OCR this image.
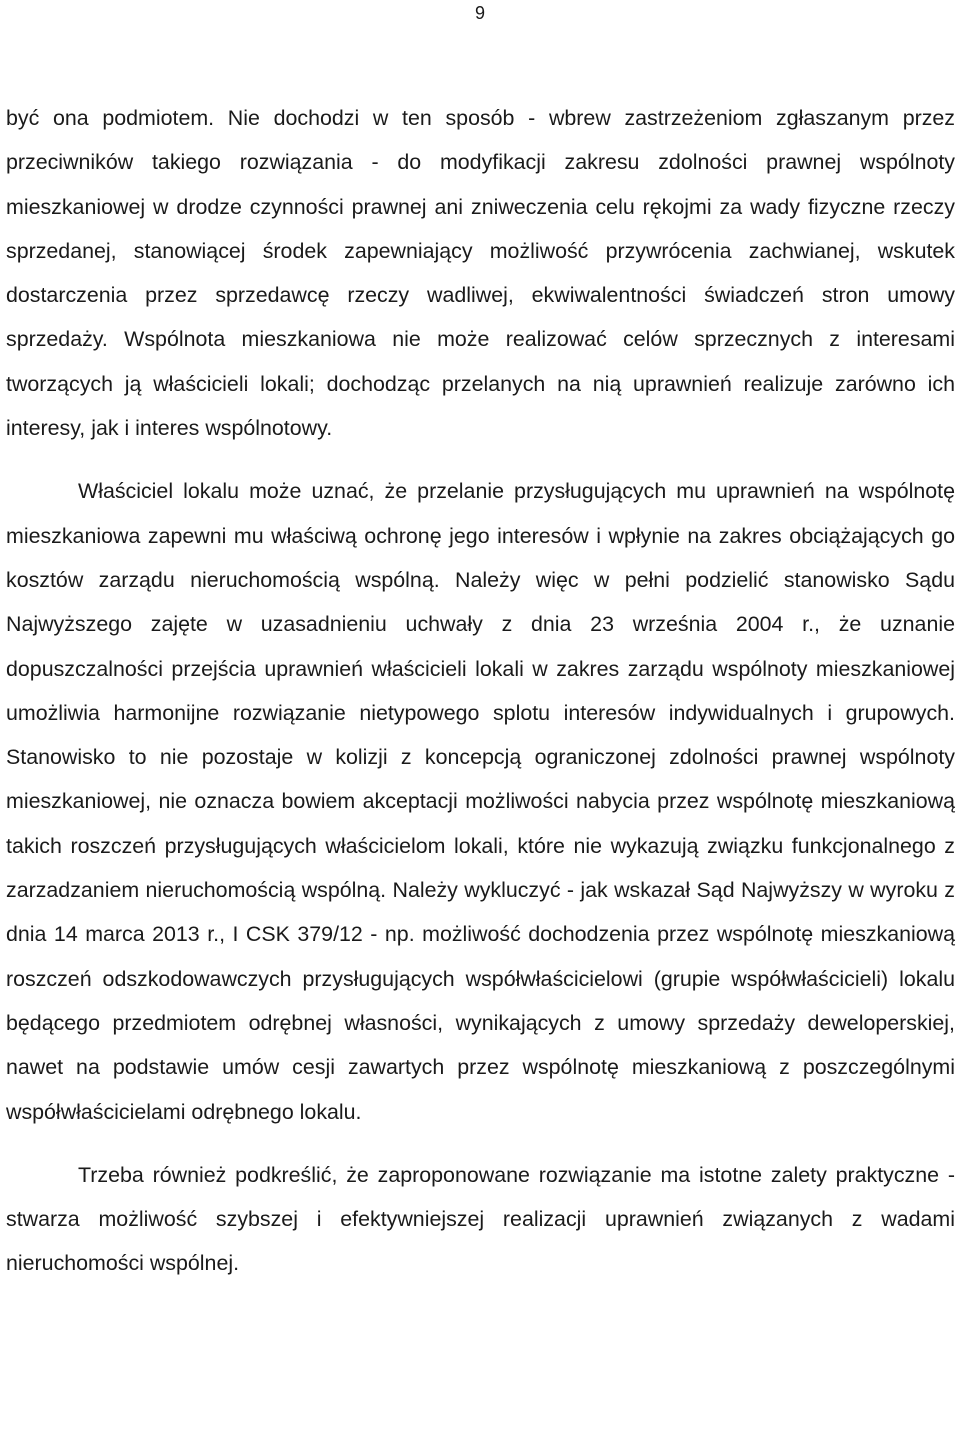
9

być ona podmiotem. Nie dochodzi w ten sposób - wbrew zastrzeżeniom zgłaszanym przez przeciwników takiego rozwiązania - do modyfikacji zakresu zdolności prawnej wspólnoty mieszkaniowej w drodze czynności prawnej ani zniweczenia celu rękojmi za wady fizyczne rzeczy sprzedanej, stanowiącej środek zapewniający możliwość przywrócenia zachwianej, wskutek dostarczenia przez sprzedawcę rzeczy wadliwej, ekwiwalentności świadczeń stron umowy sprzedaży. Wspólnota mieszkaniowa nie może realizować celów sprzecznych z interesami tworzących ją właścicieli lokali; dochodząc przelanych na nią uprawnień realizuje zarówno ich interesy, jak i interes wspólnotowy.

Właściciel lokalu może uznać, że przelanie przysługujących mu uprawnień na wspólnotę mieszkaniowa zapewni mu właściwą ochronę jego interesów i wpłynie na zakres obciążających go kosztów zarządu nieruchomością wspólną. Należy więc w pełni podzielić stanowisko Sądu Najwyższego zajęte w uzasadnieniu uchwały z dnia 23 września 2004 r., że uznanie dopuszczalności przejścia uprawnień właścicieli lokali w zakres zarządu wspólnoty mieszkaniowej umożliwia harmonijne rozwiązanie nietypowego splotu interesów indywidualnych i grupowych. Stanowisko to nie pozostaje w kolizji z koncepcją ograniczonej zdolności prawnej wspólnoty mieszkaniowej, nie oznacza bowiem akceptacji możliwości nabycia przez wspólnotę mieszkaniową takich roszczeń przysługujących właścicielom lokali, które nie wykazują związku funkcjonalnego z zarzadzaniem nieruchomością wspólną. Należy wykluczyć - jak wskazał Sąd Najwyższy w wyroku z dnia 14 marca 2013 r., I CSK 379/12 - np. możliwość dochodzenia przez wspólnotę mieszkaniową roszczeń odszkodowawczych przysługujących współwłaścicielowi (grupie współwłaścicieli) lokalu będącego przedmiotem odrębnej własności, wynikających z umowy sprzedaży deweloperskiej, nawet na podstawie umów cesji zawartych przez wspólnotę mieszkaniową z poszczególnymi współwłaścicielami odrębnego lokalu.

Trzeba również podkreślić, że zaproponowane rozwiązanie ma istotne zalety praktyczne - stwarza możliwość szybszej i efektywniejszej realizacji uprawnień związanych z wadami nieruchomości wspólnej.
